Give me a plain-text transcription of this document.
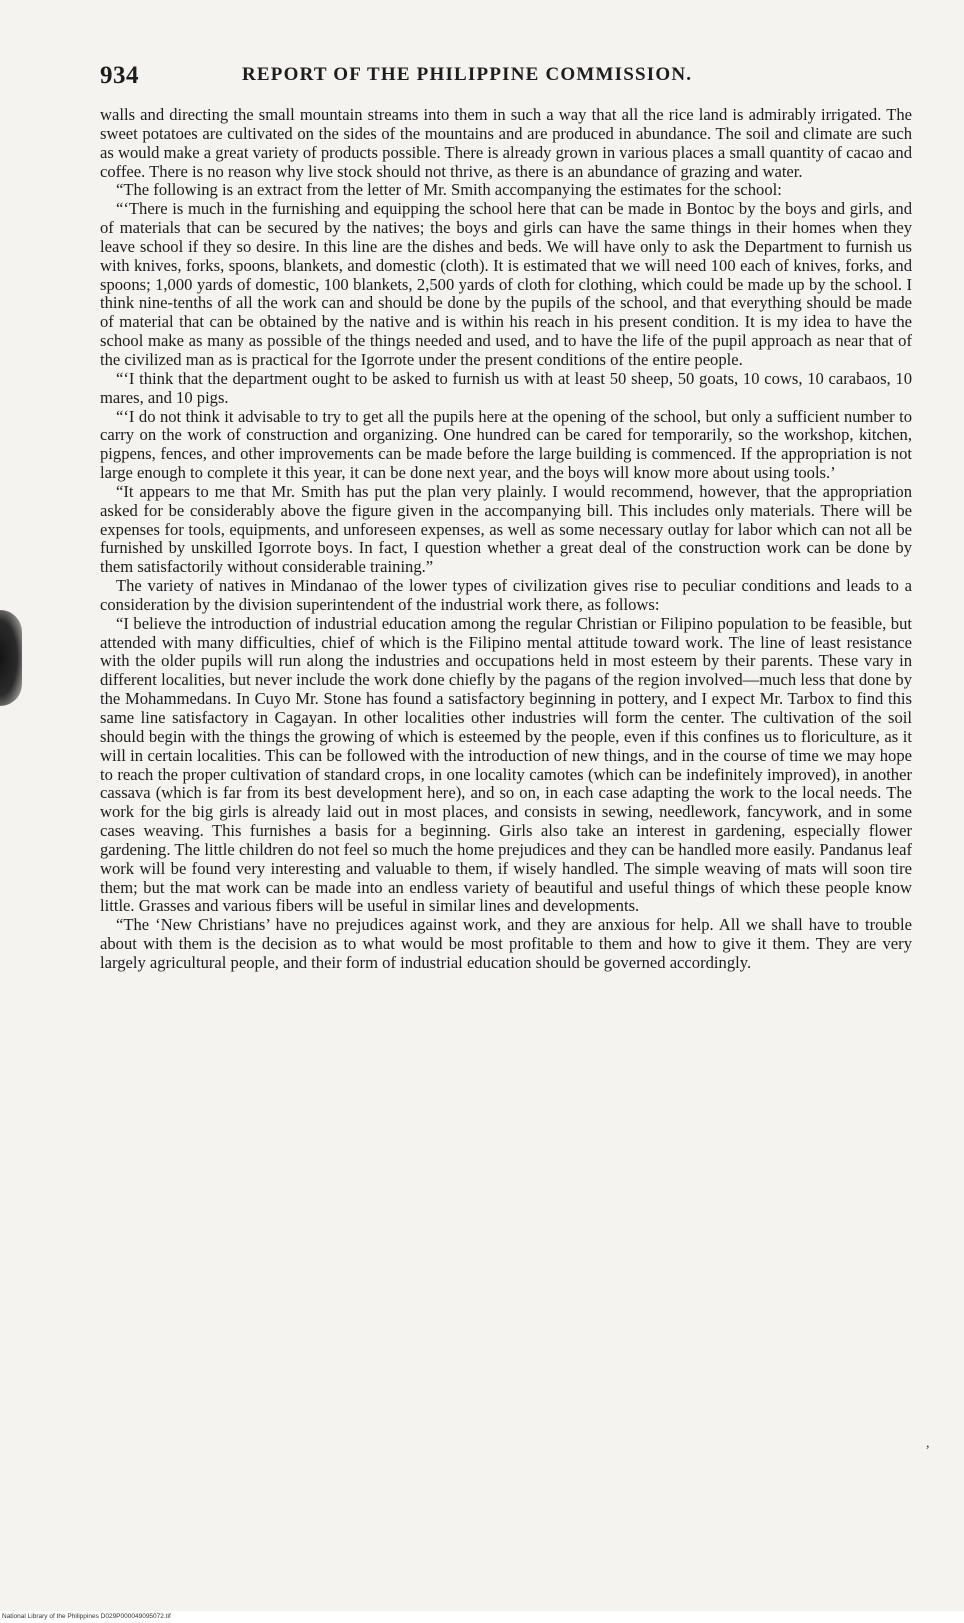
934	REPORT OF THE PHILIPPINE COMMISSION.

walls and directing the small mountain streams into them in such a way that all the rice land is admirably irrigated. The sweet potatoes are cultivated on the sides of the mountains and are produced in abundance. The soil and climate are such as would make a great variety of products possible. There is already grown in various places a small quantity of cacao and coffee. There is no reason why live stock should not thrive, as there is an abundance of grazing and water.

“The following is an extract from the letter of Mr. Smith accompanying the estimates for the school:

“‘There is much in the furnishing and equipping the school here that can be made in Bontoc by the boys and girls, and of materials that can be secured by the natives; the boys and girls can have the same things in their homes when they leave school if they so desire. In this line are the dishes and beds. We will have only to ask the Department to furnish us with knives, forks, spoons, blankets, and domestic (cloth). It is estimated that we will need 100 each of knives, forks, and spoons; 1,000 yards of domestic, 100 blankets, 2,500 yards of cloth for clothing, which could be made up by the school. I think nine-tenths of all the work can and should be done by the pupils of the school, and that everything should be made of material that can be obtained by the native and is within his reach in his present condition. It is my idea to have the school make as many as possible of the things needed and used, and to have the life of the pupil approach as near that of the civilized man as is practical for the Igorrote under the present conditions of the entire people.

“‘I think that the department ought to be asked to furnish us with at least 50 sheep, 50 goats, 10 cows, 10 carabaos, 10 mares, and 10 pigs.

“‘I do not think it advisable to try to get all the pupils here at the opening of the school, but only a sufficient number to carry on the work of construction and organizing. One hundred can be cared for temporarily, so the workshop, kitchen, pigpens, fences, and other improvements can be made before the large building is commenced. If the appropriation is not large enough to complete it this year, it can be done next year, and the boys will know more about using tools.’

“It appears to me that Mr. Smith has put the plan very plainly. I would recommend, however, that the appropriation asked for be considerably above the figure given in the accompanying bill. This includes only materials. There will be expenses for tools, equipments, and unforeseen expenses, as well as some necessary outlay for labor which can not all be furnished by unskilled Igorrote boys. In fact, I question whether a great deal of the construction work can be done by them satisfactorily without considerable training.”

The variety of natives in Mindanao of the lower types of civilization gives rise to peculiar conditions and leads to a consideration by the division superintendent of the industrial work there, as follows:

“I believe the introduction of industrial education among the regular Christian or Filipino population to be feasible, but attended with many difficulties, chief of which is the Filipino mental attitude toward work. The line of least resistance with the older pupils will run along the industries and occupations held in most esteem by their parents. These vary in different localities, but never include the work done chiefly by the pagans of the region involved—much less that done by the Mohammedans. In Cuyo Mr. Stone has found a satisfactory beginning in pottery, and I expect Mr. Tarbox to find this same line satisfactory in Cagayan. In other localities other industries will form the center. The cultivation of the soil should begin with the things the growing of which is esteemed by the people, even if this confines us to floriculture, as it will in certain localities. This can be followed with the introduction of new things, and in the course of time we may hope to reach the proper cultivation of standard crops, in one locality camotes (which can be indefinitely improved), in another cassava (which is far from its best development here), and so on, in each case adapting the work to the local needs. The work for the big girls is already laid out in most places, and consists in sewing, needlework, fancywork, and in some cases weaving. This furnishes a basis for a beginning. Girls also take an interest in gardening, especially flower gardening. The little children do not feel so much the home prejudices and they can be handled more easily. Pandanus leaf work will be found very interesting and valuable to them, if wisely handled. The simple weaving of mats will soon tire them; but the mat work can be made into an endless variety of beautiful and useful things of which these people know little. Grasses and various fibers will be useful in similar lines and developments.

“The ‘New Christians’ have no prejudices against work, and they are anxious for help. All we shall have to trouble about with them is the decision as to what would be most profitable to them and how to give it them. They are very largely agricultural people, and their form of industrial education should be governed accordingly.

,
National Library of the Philippines D029P000049095072.tif
